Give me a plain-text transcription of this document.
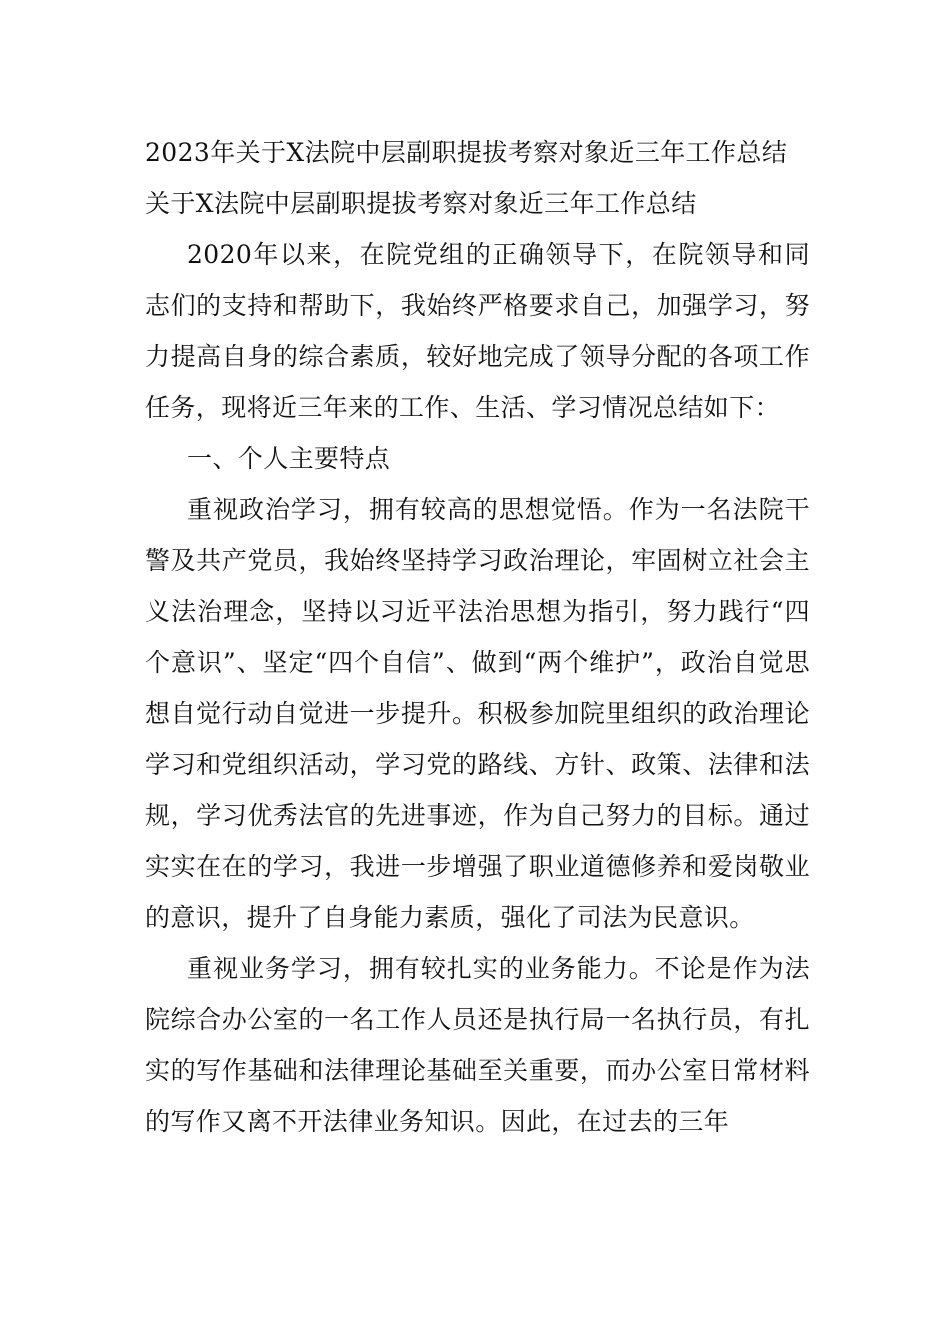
2023年关于X法院中层副职提拔考察对象近三年工作总结

关于X法院中层副职提拔考察对象近三年工作总结

2020年以来，在院党组的正确领导下，在院领导和同志们的支持和帮助下，我始终严格要求自己，加强学习，努力提高自身的综合素质，较好地完成了领导分配的各项工作任务，现将近三年来的工作、生活、学习情况总结如下：

一、个人主要特点

重视政治学习，拥有较高的思想觉悟。作为一名法院干警及共产党员，我始终坚持学习政治理论，牢固树立社会主义法治理念，坚持以习近平法治思想为指引，努力践行“四个意识”、坚定“四个自信”、做到“两个维护”，政治自觉思想自觉行动自觉进一步提升。积极参加院里组织的政治理论学习和党组织活动，学习党的路线、方针、政策、法律和法规，学习优秀法官的先进事迹，作为自己努力的目标。通过实实在在的学习，我进一步增强了职业道德修养和爱岗敬业的意识，提升了自身能力素质，强化了司法为民意识。

重视业务学习，拥有较扎实的业务能力。不论是作为法院综合办公室的一名工作人员还是执行局一名执行员，有扎实的写作基础和法律理论基础至关重要，而办公室日常材料的写作又离不开法律业务知识。因此，在过去的三年
